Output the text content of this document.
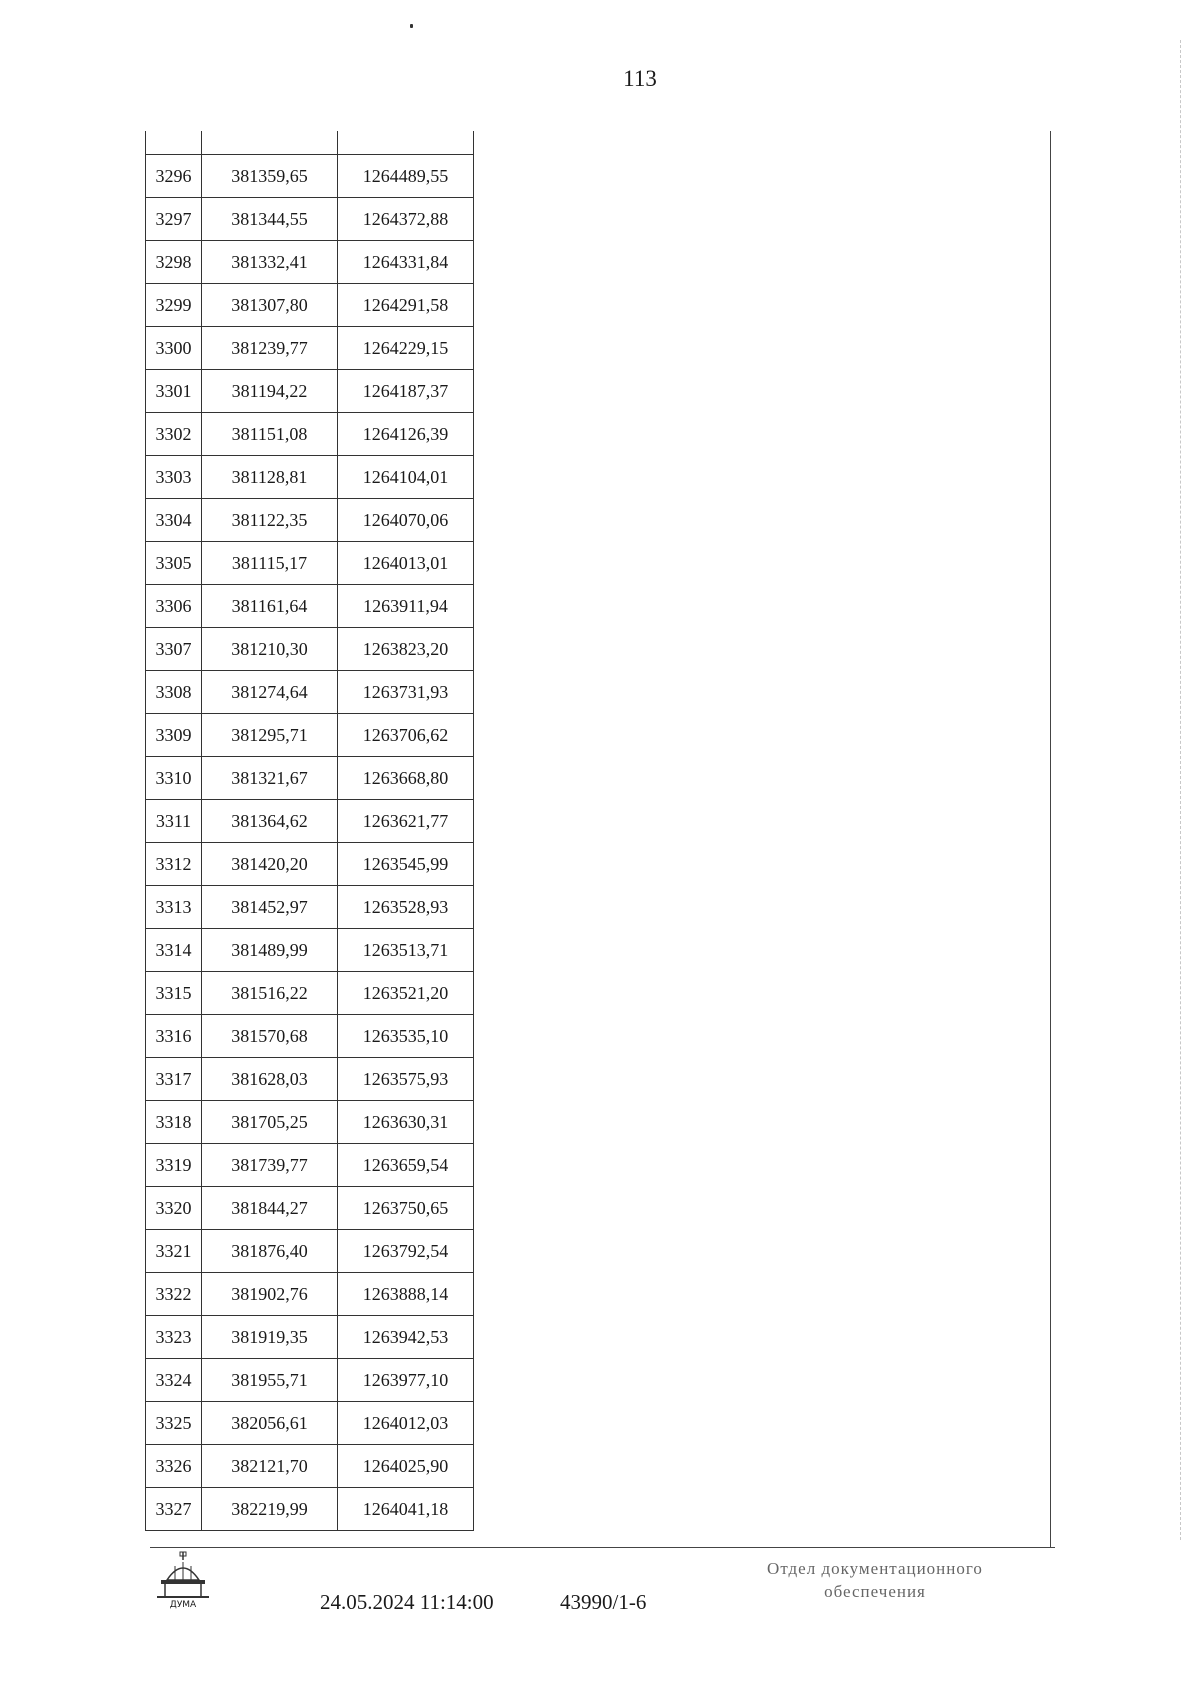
113

3296	381359,65	1264489,55
3297	381344,55	1264372,88
3298	381332,41	1264331,84
3299	381307,80	1264291,58
3300	381239,77	1264229,15
3301	381194,22	1264187,37
3302	381151,08	1264126,39
3303	381128,81	1264104,01
3304	381122,35	1264070,06
3305	381115,17	1264013,01
3306	381161,64	1263911,94
3307	381210,30	1263823,20
3308	381274,64	1263731,93
3309	381295,71	1263706,62
3310	381321,67	1263668,80
3311	381364,62	1263621,77
3312	381420,20	1263545,99
3313	381452,97	1263528,93
3314	381489,99	1263513,71
3315	381516,22	1263521,20
3316	381570,68	1263535,10
3317	381628,03	1263575,93
3318	381705,25	1263630,31
3319	381739,77	1263659,54
3320	381844,27	1263750,65
3321	381876,40	1263792,54
3322	381902,76	1263888,14
3323	381919,35	1263942,53
3324	381955,71	1263977,10
3325	382056,61	1264012,03
3326	382121,70	1264025,90
3327	382219,99	1264041,18
ДУМА	24.05.2024 11:14:00	43990/1-6
Отдел документационного
обеспечения
